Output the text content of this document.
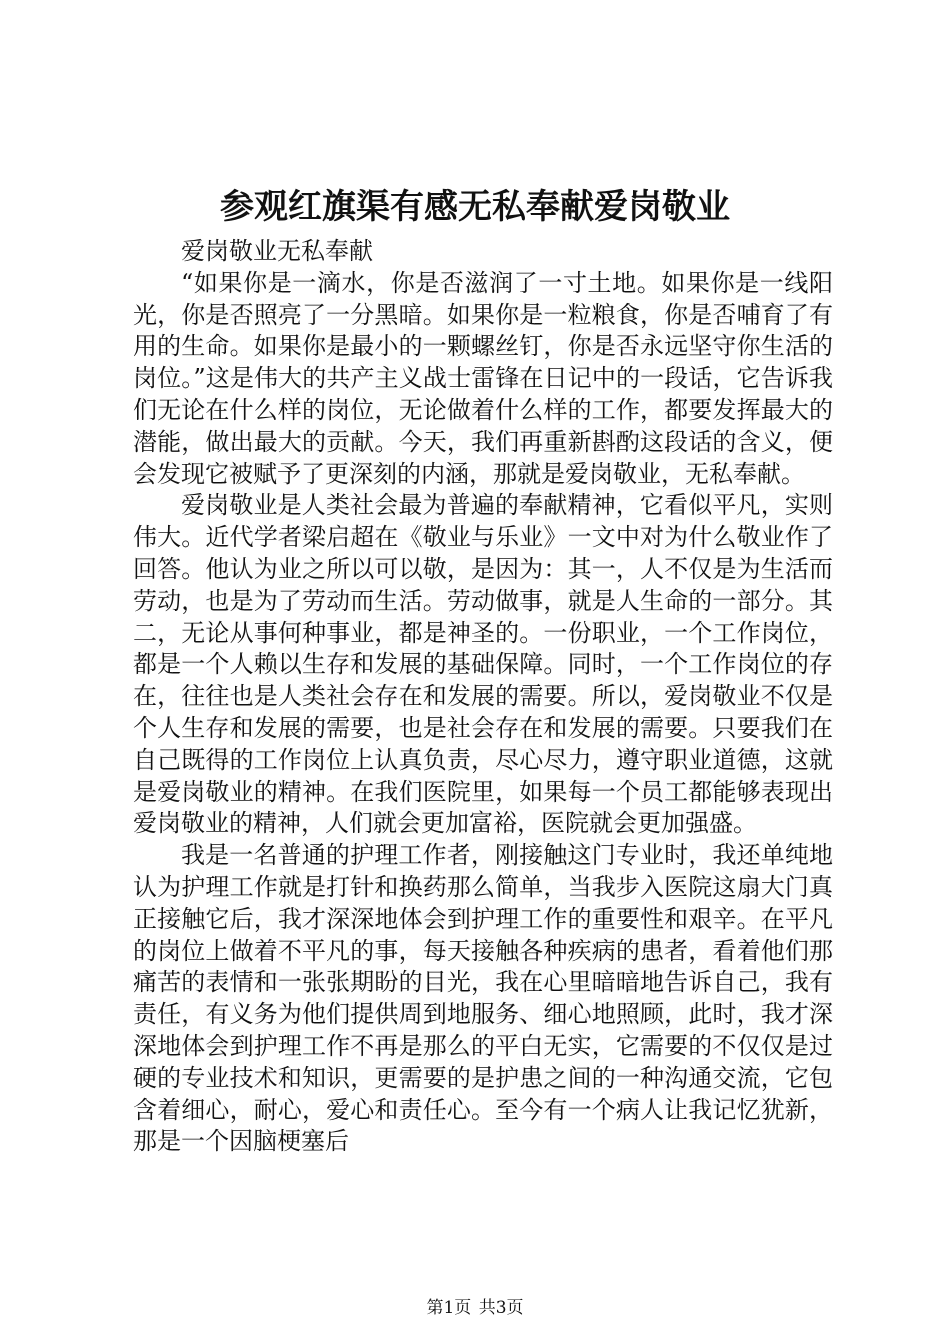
参观红旗渠有感无私奉献爱岗敬业

爱岗敬业无私奉献

“如果你是一滴水，你是否滋润了一寸土地。如果你是一线阳光，你是否照亮了一分黑暗。如果你是一粒粮食，你是否哺育了有用的生命。如果你是最小的一颗螺丝钉，你是否永远坚守你生活的岗位。”这是伟大的共产主义战士雷锋在日记中的一段话，它告诉我们无论在什么样的岗位，无论做着什么样的工作，都要发挥最大的潜能，做出最大的贡献。今天，我们再重新斟酌这段话的含义，便会发现它被赋予了更深刻的内涵，那就是爱岗敬业，无私奉献。

爱岗敬业是人类社会最为普遍的奉献精神，它看似平凡，实则伟大。近代学者梁启超在《敬业与乐业》一文中对为什么敬业作了回答。他认为业之所以可以敬，是因为：其一，人不仅是为生活而劳动，也是为了劳动而生活。劳动做事，就是人生命的一部分。其二，无论从事何种事业，都是神圣的。一份职业，一个工作岗位，都是一个人赖以生存和发展的基础保障。同时，一个工作岗位的存在，往往也是人类社会存在和发展的需要。所以，爱岗敬业不仅是个人生存和发展的需要，也是社会存在和发展的需要。只要我们在自己既得的工作岗位上认真负责，尽心尽力，遵守职业道德，这就是爱岗敬业的精神。在我们医院里，如果每一个员工都能够表现出爱岗敬业的精神，人们就会更加富裕，医院就会更加强盛。

我是一名普通的护理工作者，刚接触这门专业时，我还单纯地认为护理工作就是打针和换药那么简单，当我步入医院这扇大门真正接触它后，我才深深地体会到护理工作的重要性和艰辛。在平凡的岗位上做着不平凡的事，每天接触各种疾病的患者，看着他们那痛苦的表情和一张张期盼的目光，我在心里暗暗地告诉自己，我有责任，有义务为他们提供周到地服务、细心地照顾，此时，我才深深地体会到护理工作不再是那么的平白无实，它需要的不仅仅是过硬的专业技术和知识，更需要的是护患之间的一种沟通交流，它包含着细心，耐心，爱心和责任心。至今有一个病人让我记忆犹新，那是一个因脑梗塞后

第1页 共3页
